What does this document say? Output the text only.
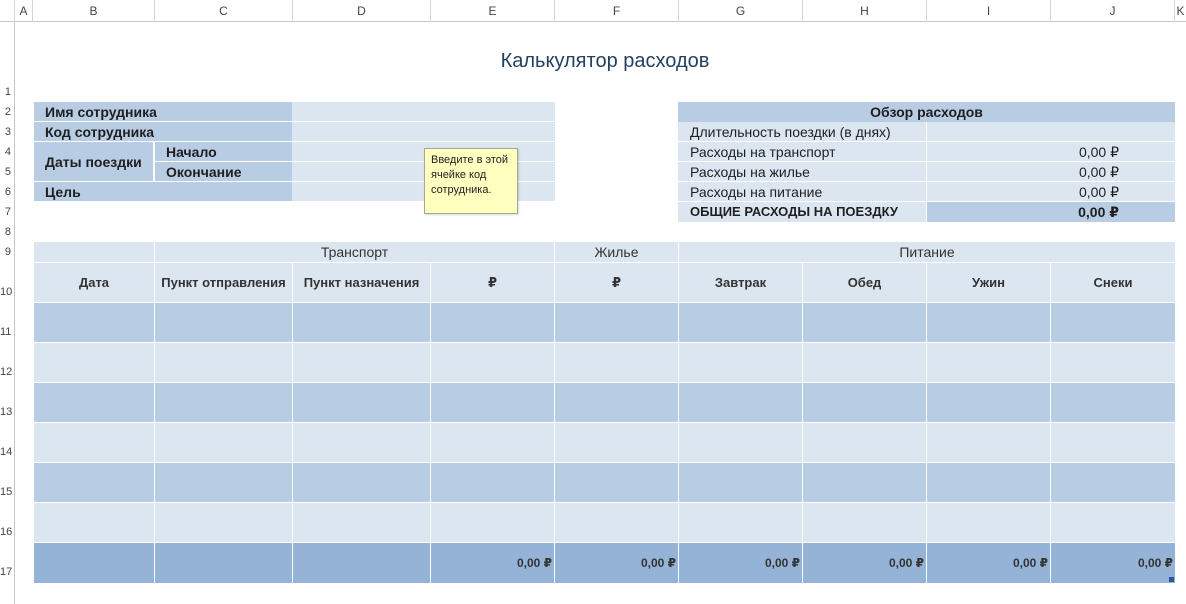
A	B	C	D	E	F	G	H	I	J	K
1
2
3
4
5
6
7
8
9
10
11
12
13
14
15
16
17
Калькулятор расходов
Имя сотрудника
Код сотрудника
Даты поездки
Начало
Окончание
Цель
Введите в этой ячейке код сотрудника.
Обзор расходов
Длительность поездки (в днях)
Расходы на транспорт	0,00 ₽
Расходы на жилье	0,00 ₽
Расходы на питание	0,00 ₽
ОБЩИЕ РАСХОДЫ НА ПОЕЗДКУ	0,00 ₽
Транспорт	Жилье	Питание
Дата	Пункт отправления	Пункт назначения	₽	₽	Завтрак	Обед	Ужин	Снеки
0,00 ₽	0,00 ₽	0,00 ₽	0,00 ₽	0,00 ₽	0,00 ₽
